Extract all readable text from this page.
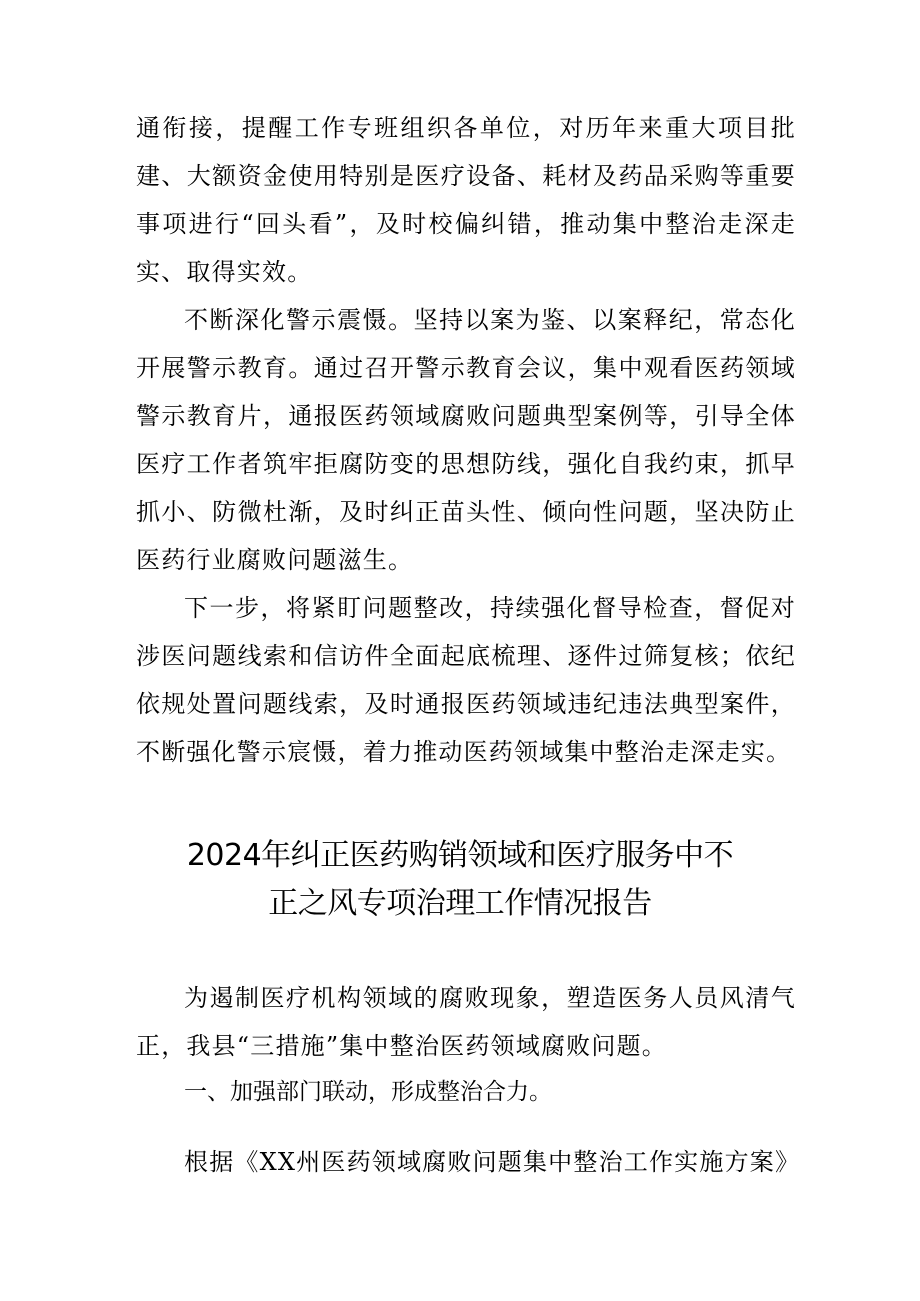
通衔接，提醒工作专班组织各单位，对历年来重大项目批建、大额资金使用特别是医疗设备、耗材及药品采购等重要事项进行“回头看”，及时校偏纠错，推动集中整治走深走实、取得实效。

不断深化警示震慑。坚持以案为鉴、以案释纪，常态化开展警示教育。通过召开警示教育会议，集中观看医药领域警示教育片，通报医药领域腐败问题典型案例等，引导全体医疗工作者筑牢拒腐防变的思想防线，强化自我约束，抓早抓小、防微杜渐，及时纠正苗头性、倾向性问题，坚决防止医药行业腐败问题滋生。

下一步，将紧盯问题整改，持续强化督导检查，督促对涉医问题线索和信访件全面起底梳理、逐件过筛复核；依纪依规处置问题线索，及时通报医药领域违纪违法典型案件，不断强化警示宸慑，着力推动医药领域集中整治走深走实。

2024年纠正医药购销领域和医疗服务中不
正之风专项治理工作情况报告

为遏制医疗机构领域的腐败现象，塑造医务人员风清气正，我县“三措施”集中整治医药领域腐败问题。

一、加强部门联动，形成整治合力。

根据《XX州医药领域腐败问题集中整治工作实施方案》
